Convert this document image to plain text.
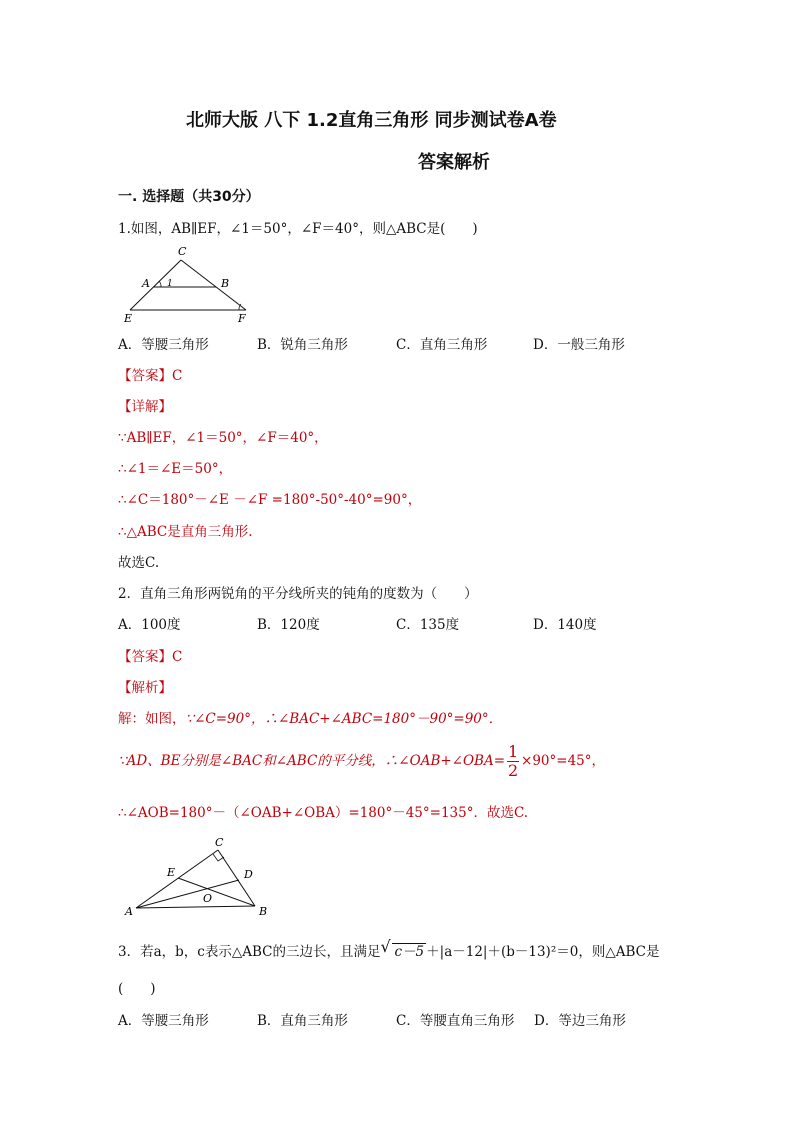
北师大版 八下 1.2直角三角形 同步测试卷A卷
答案解析
一. 选择题（共30分）
1.如图，AB∥EF，∠1＝50°，∠F＝40°，则△ABC是(　　)
C
A 1	B
E	F
A．等腰三角形	B．锐角三角形	C．直角三角形	D．一般三角形
【答案】C
【详解】
∵AB∥EF，∠1＝50°，∠F＝40°，
∴∠1＝∠E＝50°，
∴∠C＝180°－∠E －∠F =180°-50°-40°=90°，
∴△ABC是直角三角形.
故选C.
2．直角三角形两锐角的平分线所夹的钝角的度数为（　　）
A．100度	B．120度	C．135度	D．140度
【答案】C
【解析】
解：如图，∵∠C=90°，∴∠BAC+∠ABC=180°－90°=90°．
∵AD、BE分别是∠BAC和∠ABC的平分线，∴∠OAB+∠OBA= $\frac{1}{2} \times 90^\circ=45^\circ$，
∴∠AOB=180°－（∠OAB+∠OBA）=180°－45°=135°．故选C.
C
E	D
O
A	B
3．若a，b，c表示△ABC的三边长，且满足 √ c－5 ＋|a－12|＋(b－13)²＝0，则△ABC是
(　　)
A．等腰三角形	B．直角三角形	C．等腰直角三角形 D．等边三角形
